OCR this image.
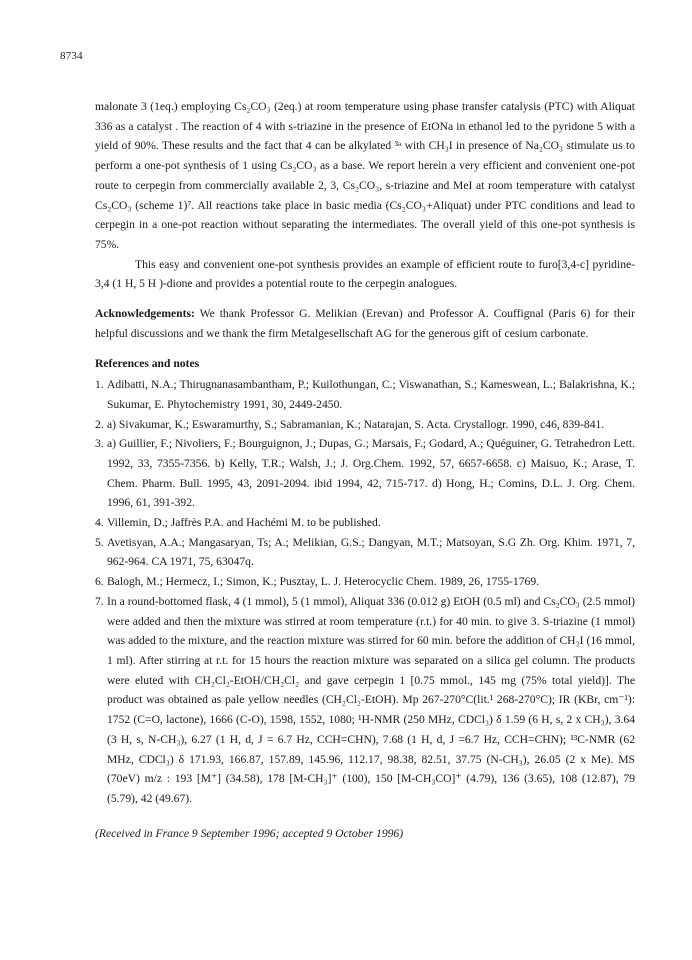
8734

malonate 3 (1eq.) employing Cs₂CO₃ (2eq.) at room temperature using phase transfer catalysis (PTC) with Aliquat 336 as a catalyst . The reaction of 4 with s-triazine in the presence of EtONa in ethanol led to the pyridone 5 with a yield of 90%. These results and the fact that 4 can be alkylated ³ᵃ with CH₃I in presence of Na₂CO₃ stimulate us to perform a one-pot synthesis of 1 using Cs₂CO₃ as a base. We report herein a very efficient and convenient one-pot route to cerpegin from commercially available 2, 3, Cs₂CO₃, s-triazine and MeI at room temperature with catalyst Cs₂CO₃ (scheme 1)⁷. All reactions take place in basic media (Cs₂CO₃+Aliquat) under PTC conditions and lead to cerpegin in a one-pot reaction without separating the intermediates. The overall yield of this one-pot synthesis is 75%.

This easy and convenient one-pot synthesis provides an example of efficient route to furo[3,4-c] pyridine-3,4 (1 H, 5 H )-dione and provides a potential route to the cerpegin analogues.

Acknowledgements: We thank Professor G. Melikian (Erevan) and Professor A. Couffignal (Paris 6) for their helpful discussions and we thank the firm Metalgesellschaft AG for the generous gift of cesium carbonate.

References and notes
1. Adibatti, N.A.; Thirugnanasambantham, P.; Kuilothungan, C.; Viswanathan, S.; Kameswean, L.; Balakrishna, K.; Sukumar, E. Phytochemistry 1991, 30, 2449-2450.
2. a) Sivakumar, K.; Eswaramurthy, S.; Sabramanian, K.; Natarajan, S. Acta. Crystallogr. 1990, c46, 839-841.
3. a) Guillier, F.; Nivoliers, F.; Bourguignon, J.; Dupas, G.; Marsais, F.; Godard, A.; Quéguiner, G. Tetrahedron Lett. 1992, 33, 7355-7356. b) Kelly, T.R.; Walsh, J.; J. Org.Chem. 1992, 57, 6657-6658. c) Maisuo, K.; Arase, T. Chem. Pharm. Bull. 1995, 43, 2091-2094. ibid 1994, 42, 715-717. d) Hong, H.; Comins, D.L. J. Org. Chem. 1996, 61, 391-392.
4. Villemin, D.; Jaffrès P.A. and Hachémi M. to be published.
5. Avetisyan, A.A.; Mangasaryan, Ts; A.; Melikian, G.S.; Dangyan, M.T.; Matsoyan, S.G Zh. Org. Khim. 1971, 7, 962-964. CA 1971, 75, 63047q.
6. Balogh, M.; Hermecz, I.; Simon, K.; Pusztay, L. J. Heterocyclic Chem. 1989, 26, 1755-1769.
7. In a round-bottomed flask, 4 (1 mmol), 5 (1 mmol), Aliquat 336 (0.012 g) EtOH (0.5 ml) and Cs₂CO₃ (2.5 mmol) were added and then the mixture was stirred at room temperature (r.t.) for 40 min. to give 3. S-triazine (1 mmol) was added to the mixture, and the reaction mixture was stirred for 60 min. before the addition of CH₃I (16 mmol, 1 ml). After stirring at r.t. for 15 hours the reaction mixture was separated on a silica gel column. The products were eluted with CH₂Cl₂-EtOH/CH₂Cl₂ and gave cerpegin 1 [0.75 mmol., 145 mg (75% total yield)]. The product was obtained as pale yellow needles (CH₂Cl₂-EtOH). Mp 267-270°C(lit.¹ 268-270°C); IR (KBr, cm⁻¹): 1752 (C=O, lactone), 1666 (C-O), 1598, 1552, 1080; ¹H-NMR (250 MHz, CDCl₃) δ 1.59 (6 H, s, 2 x CH₃), 3.64 (3 H, s, N-CH₃), 6.27 (1 H, d, J = 6.7 Hz, CCH=CHN), 7.68 (1 H, d, J =6.7 Hz, CCH=CHN); ¹³C-NMR (62 MHz, CDCl₃) δ 171.93, 166.87, 157.89, 145.96, 112.17, 98.38, 82.51, 37.75 (N-CH₃), 26.05 (2 x Me). MS (70eV) m/z : 193 [M⁺] (34.58), 178 [M-CH₃]⁺ (100), 150 [M-CH₃CO]⁺ (4.79), 136 (3.65), 108 (12.87), 79 (5.79), 42 (49.67).
(Received in France 9 September 1996; accepted 9 October 1996)
